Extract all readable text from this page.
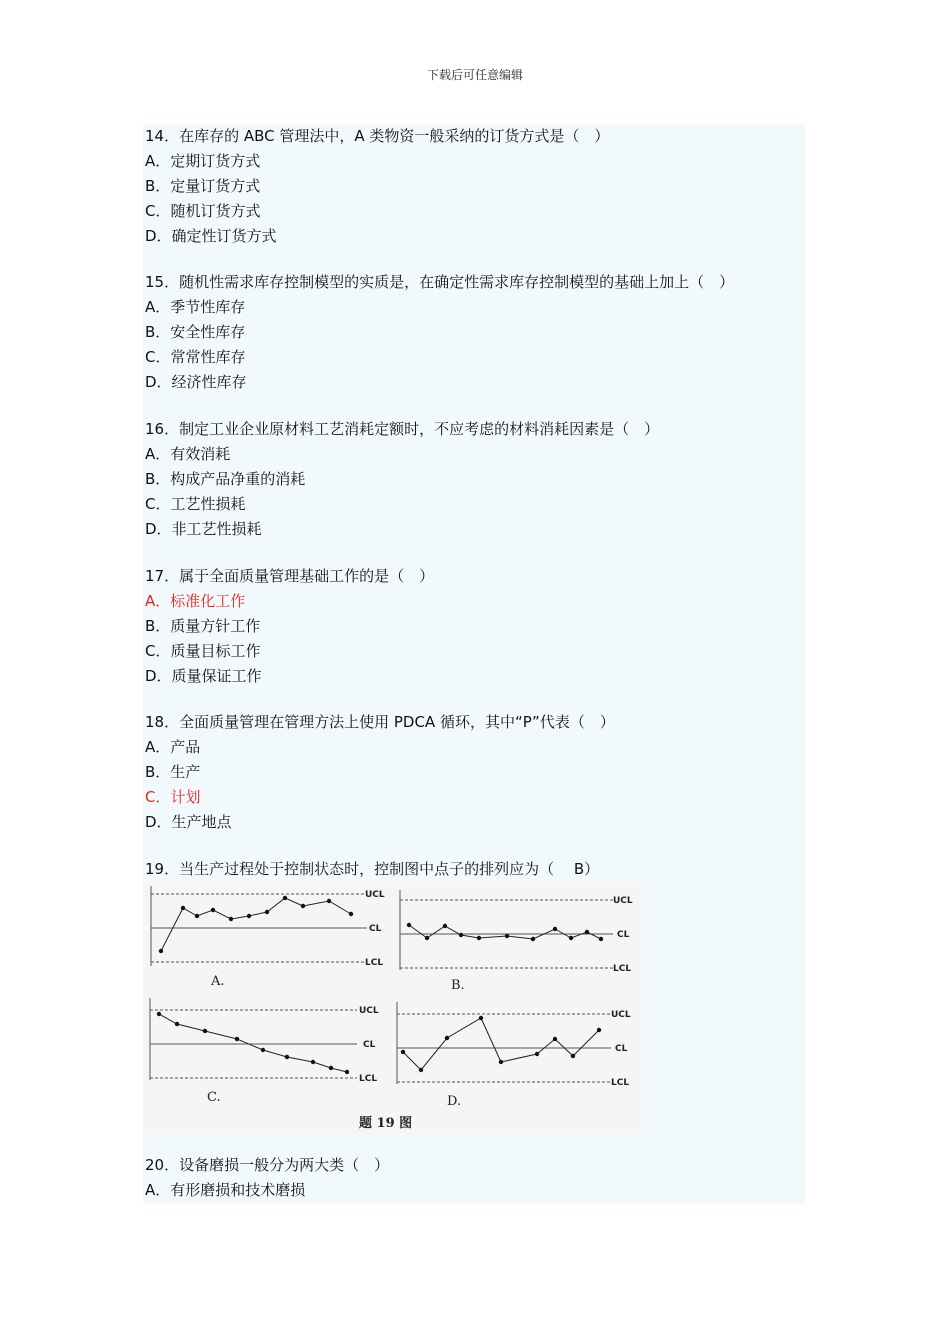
下载后可任意编辑
14．在库存的 ABC 管理法中，A 类物资一般采纳的订货方式是（　）
A．定期订货方式
B．定量订货方式
C．随机订货方式
D．确定性订货方式
15．随机性需求库存控制模型的实质是，在确定性需求库存控制模型的基础上加上（　）
A．季节性库存
B．安全性库存
C．常常性库存
D．经济性库存
16．制定工业企业原材料工艺消耗定额时，不应考虑的材料消耗因素是（　）
A．有效消耗
B．构成产品净重的消耗
C．工艺性损耗
D．非工艺性损耗
17．属于全面质量管理基础工作的是（　）
A．标准化工作
B．质量方针工作
C．质量目标工作
D．质量保证工作
18．全面质量管理在管理方法上使用 PDCA 循环，其中“P”代表（　）
A．产品
B．生产
C．计划
D．生产地点
19．当生产过程处于控制状态时，控制图中点子的排列应为（　 B）
UCL
CL
LCL
UCL
CL
LCL
UCL
CL
LCL
UCL
CL
LCL
A.	B.
C.	D.
题 19 图
20．设备磨损一般分为两大类（　）
A．有形磨损和技术磨损
